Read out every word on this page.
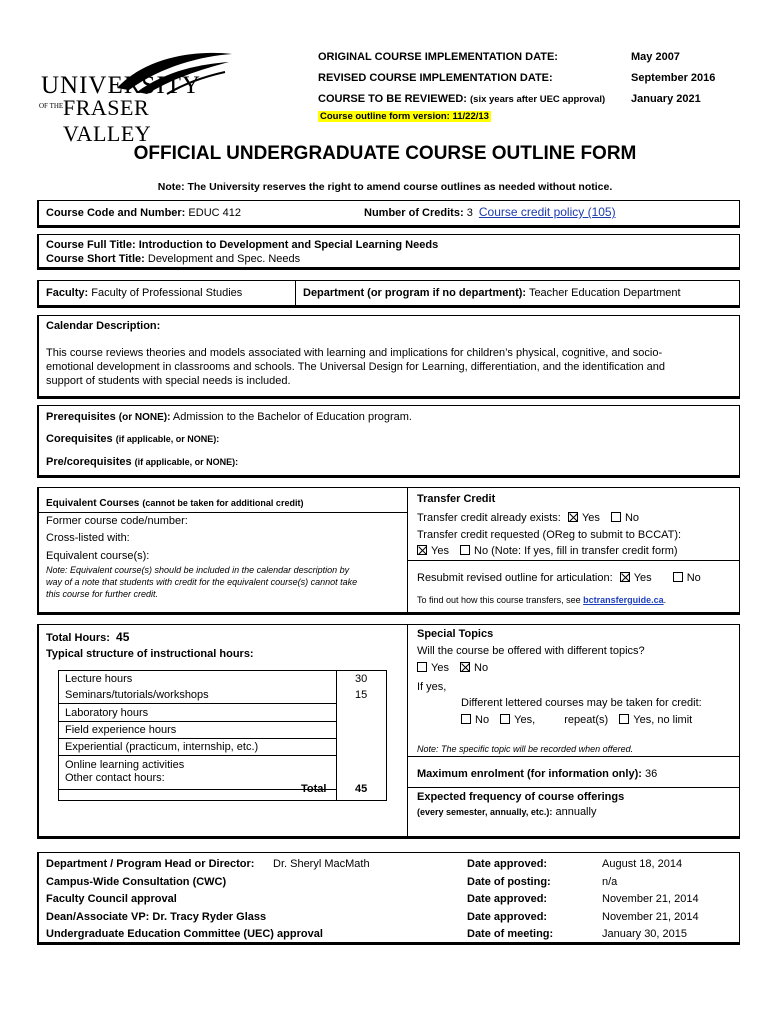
UNIVERSITY
OF THE FRASER VALLEY
ORIGINAL COURSE IMPLEMENTATION DATE:	May 2007
REVISED COURSE IMPLEMENTATION DATE:	September 2016
COURSE TO BE REVIEWED: (six years after UEC approval) January 2021
Course outline form version: 11/22/13
OFFICIAL UNDERGRADUATE COURSE OUTLINE FORM
Note: The University reserves the right to amend course outlines as needed without notice.
Course Code and Number: EDUC 412	Number of Credits: 3 Course credit policy (105)
Course Full Title: Introduction to Development and Special Learning Needs
Course Short Title: Development and Spec. Needs
Faculty: Faculty of Professional Studies	Department (or program if no department): Teacher Education Department
Calendar Description:
This course reviews theories and models associated with learning and implications for children’s physical, cognitive, and socio-
emotional development in classrooms and schools. The Universal Design for Learning, differentiation, and the identification and
support of students with special needs is included.
Prerequisites (or NONE): Admission to the Bachelor of Education program.
Corequisites (if applicable, or NONE):
Pre/corequisites (if applicable, or NONE):
Equivalent Courses (cannot be taken for additional credit)
Former course code/number:
Cross-listed with:
Equivalent course(s):
Note: Equivalent course(s) should be included in the calendar description by
way of a note that students with credit for the equivalent course(s) cannot take
this course for further credit.
Transfer Credit
Transfer credit already exists: Yes No
Transfer credit requested (OReg to submit to BCCAT):
Yes No (Note: If yes, fill in transfer credit form)
Resubmit revised outline for articulation: Yes	No
To find out how this course transfers, see bctransferguide.ca.
Total Hours: 45
Typical structure of instructional hours:
Lecture hours	30
Seminars/tutorials/workshops	15
Laboratory hours
Field experience hours
Experiential (practicum, internship, etc.)
Online learning activities
Other contact hours:
Total	45
Special Topics
Will the course be offered with different topics?
Yes No
If yes,
Different lettered courses may be taken for credit:
No Yes,	repeat(s) Yes, no limit
Note: The specific topic will be recorded when offered.
Maximum enrolment (for information only): 36
Expected frequency of course offerings
(every semester, annually, etc.): annually
Department / Program Head or Director: Dr. Sheryl MacMath	Date approved:	August 18, 2014
Campus-Wide Consultation (CWC)	Date of posting:	n/a
Faculty Council approval	Date approved:	November 21, 2014
Dean/Associate VP: Dr. Tracy Ryder Glass	Date approved:	November 21, 2014
Undergraduate Education Committee (UEC) approval	Date of meeting:	January 30, 2015
